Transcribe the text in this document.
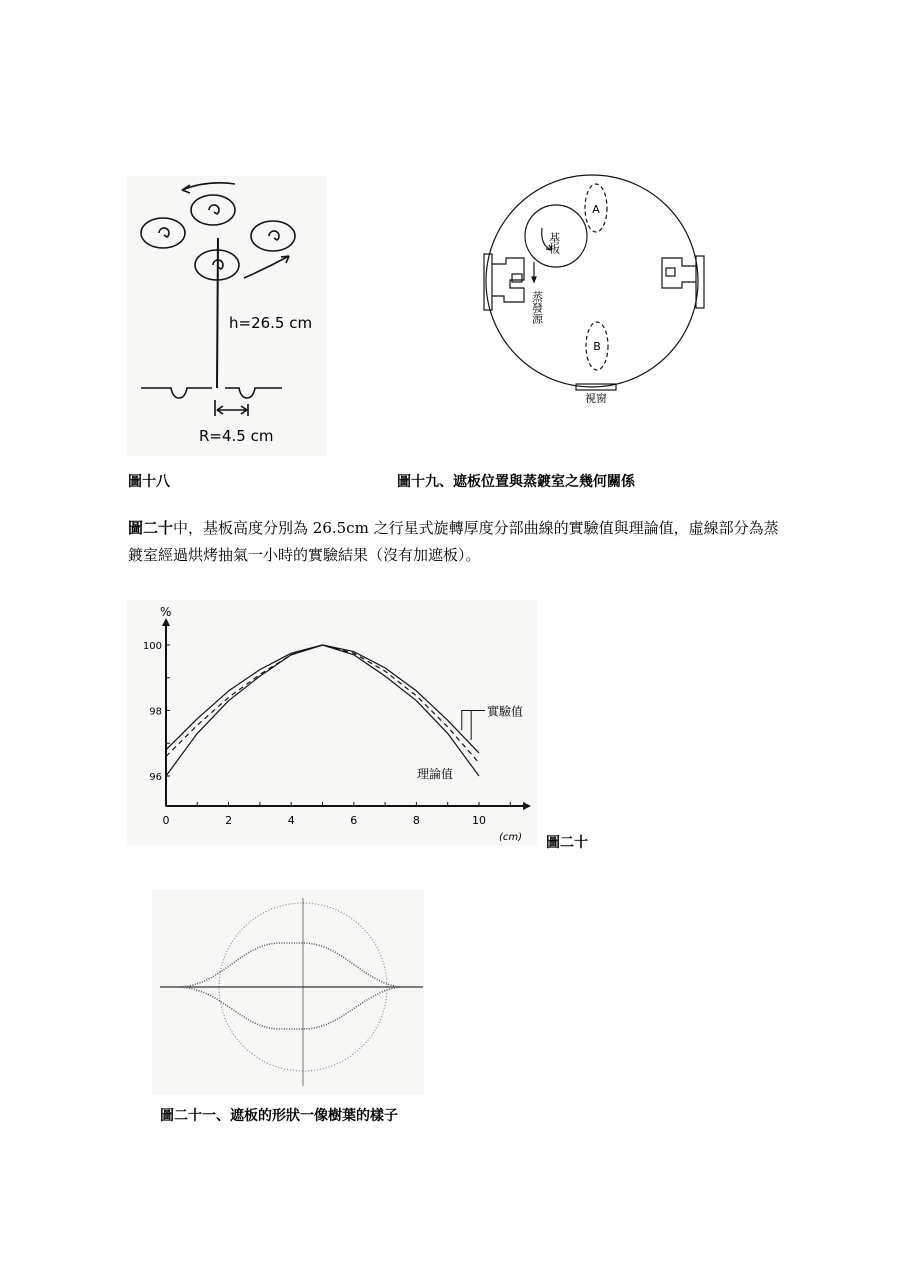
h=26.5 cm
R=4.5 cm
圖十八
A
B
基板
蒸發源
視窗
圖十九、遮板位置與蒸鍍室之幾何關係
圖二十中，基板高度分別為 26.5cm 之行星式旋轉厚度分部曲線的實驗值與理論值，虛線部分為蒸鍍室經過烘烤抽氣一小時的實驗結果（沒有加遮板）。
0	2	4	6	8	10
96
98
100
%
(cm)
實驗值
理論值
圖二十
圖二十一、遮板的形狀一像樹葉的樣子
